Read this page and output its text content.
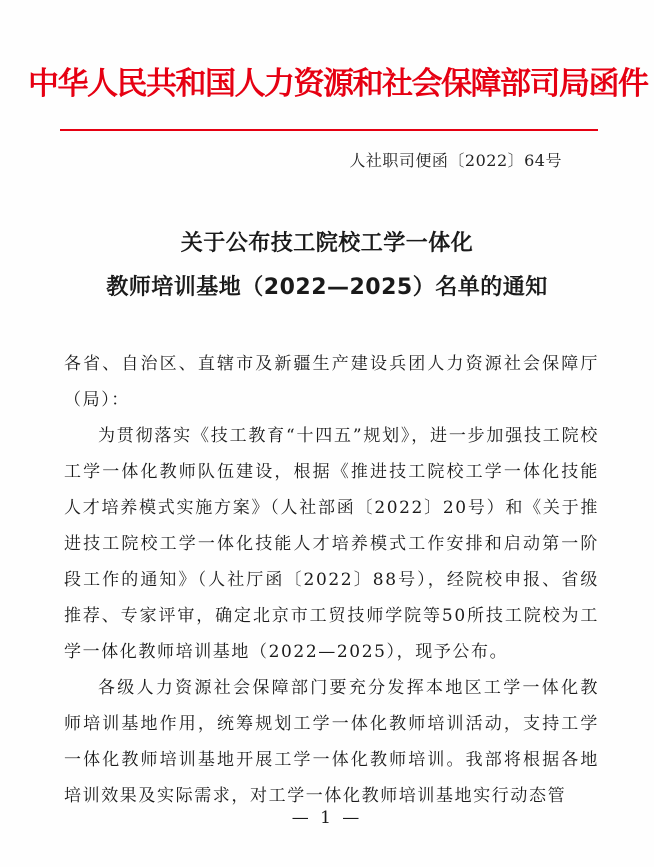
中华人民共和国人力资源和社会保障部司局函件
人社职司便函〔2022〕64号
关于公布技工院校工学一体化
教师培训基地（2022—2025）名单的通知
各省、自治区、直辖市及新疆生产建设兵团人力资源社会保障厅（局）：
为贯彻落实《技工教育“十四五”规划》，进一步加强技工院校工学一体化教师队伍建设，根据《推进技工院校工学一体化技能人才培养模式实施方案》（人社部函〔2022〕20号）和《关于推进技工院校工学一体化技能人才培养模式工作安排和启动第一阶段工作的通知》（人社厅函〔2022〕88号），经院校申报、省级推荐、专家评审，确定北京市工贸技师学院等50所技工院校为工学一体化教师培训基地（2022—2025），现予公布。
各级人力资源社会保障部门要充分发挥本地区工学一体化教师培训基地作用，统筹规划工学一体化教师培训活动，支持工学一体化教师培训基地开展工学一体化教师培训。我部将根据各地培训效果及实际需求，对工学一体化教师培训基地实行动态管
— 1 —
